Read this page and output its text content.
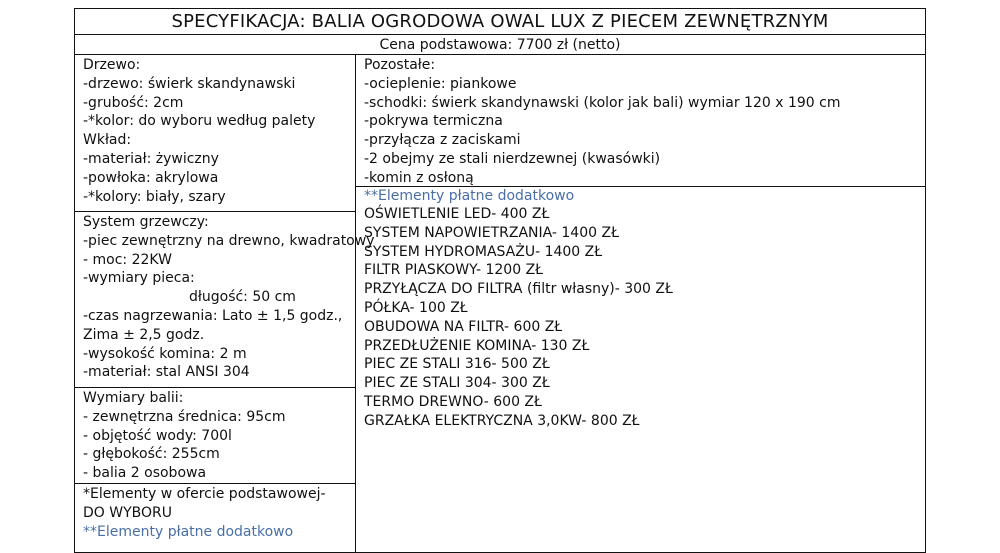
SPECYFIKACJA: BALIA OGRODOWA OWAL LUX Z PIECEM ZEWNĘTRZNYM
Cena podstawowa: 7700 zł (netto)
Drzewo:
-drzewo: świerk skandynawski
-grubość: 2cm
-*kolor: do wyboru według palety
Wkład:
-materiał: żywiczny
-powłoka: akrylowa
-*kolory: biały, szary
System grzewczy:
-piec zewnętrzny na drewno, kwadratowy
- moc: 22KW
-wymiary pieca:
długość: 50 cm
-czas nagrzewania: Lato ± 1,5 godz., Zima ± 2,5 godz.
-wysokość komina: 2 m
-materiał: stal ANSI 304
Wymiary balii:
- zewnętrzna średnica: 95cm
- objętość wody: 700l
- głębokość: 255cm
- balia 2 osobowa
*Elementy w ofercie podstawowej- DO WYBORU
**Elementy płatne dodatkowo
Pozostałe:
-ocieplenie: piankowe
-schodki: świerk skandynawski (kolor jak bali) wymiar 120 x 190 cm
-pokrywa termiczna
-przyłącza z zaciskami
-2 obejmy ze stali nierdzewnej (kwasówki)
-komin z osłoną
**Elementy płatne dodatkowo
OŚWIETLENIE LED- 400 ZŁ
SYSTEM NAPOWIETRZANIA- 1400 ZŁ
SYSTEM HYDROMASAŻU- 1400 ZŁ
FILTR PIASKOWY- 1200 ZŁ
PRZYŁĄCZA DO FILTRA (filtr własny)- 300 ZŁ
PÓŁKA- 100 ZŁ
OBUDOWA NA FILTR- 600 ZŁ
PRZEDŁUŻENIE KOMINA- 130 ZŁ
PIEC ZE STALI 316- 500 ZŁ
PIEC ZE STALI 304- 300 ZŁ
TERMO DREWNO- 600 ZŁ
GRZAŁKA ELEKTRYCZNA 3,0KW- 800 ZŁ
